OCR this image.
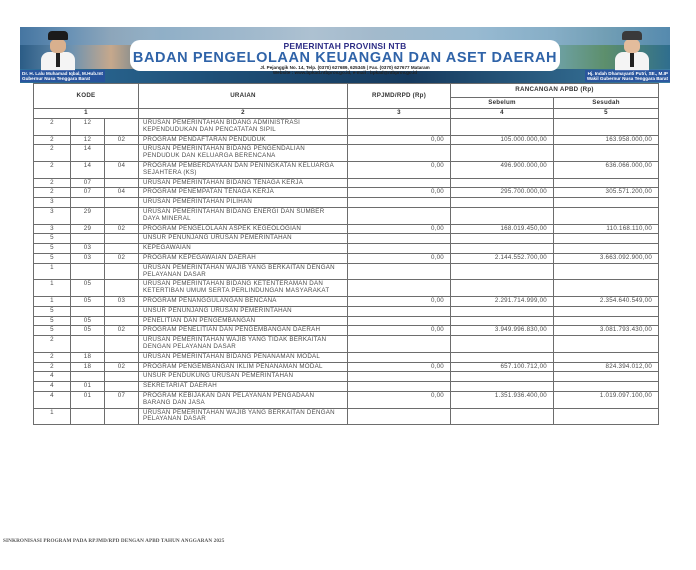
Dr. H. Lalu Muhamad Iqbal, M.Hub.Int
Gubernur Nusa Tenggara Barat
PEMERINTAH PROVINSI NTB
BADAN PENGELOLAAN KEUANGAN DAN ASET DAERAH
Jl. Pejanggik No. 14, Telp. (0370) 627689, 625345 | Fax. (0370) 627677 Mataram
Website : www.bpkad.ntbprov.go.id, e-mail : bpkad@ntbprov.go.id	Hj. Indah Dhamayanti Putri, SE., M.IP
Wakil Gubernur Nusa Tenggara Barat
KODE			URAIAN	RPJMD/RPD (Rp)	RANCANGAN APBD (Rp)	
					Sebelum	Sesudah
1			2	3	4	5
2	12		URUSAN PEMERINTAHAN BIDANG ADMINISTRASI KEPENDUDUKAN DAN PENCATATAN SIPIL			
2	12	02	PROGRAM PENDAFTARAN PENDUDUK	0,00	105.000.000,00	163.958.000,00
2	14		URUSAN PEMERINTAHAN BIDANG PENGENDALIAN PENDUDUK DAN KELUARGA BERENCANA			
2	14	04	PROGRAM PEMBERDAYAAN DAN PENINGKATAN KELUARGA SEJAHTERA (KS)	0,00	496.900.000,00	636.066.000,00
2	07		URUSAN PEMERINTAHAN BIDANG TENAGA KERJA			
2	07	04	PROGRAM PENEMPATAN TENAGA KERJA	0,00	295.700.000,00	305.571.200,00
3			URUSAN PEMERINTAHAN PILIHAN			
3	29		URUSAN PEMERINTAHAN BIDANG ENERGI DAN SUMBER DAYA MINERAL			
3	29	02	PROGRAM PENGELOLAAN ASPEK KEGEOLOGIAN	0,00	168.019.450,00	110.168.110,00
5			UNSUR PENUNJANG URUSAN PEMERINTAHAN			
5	03		KEPEGAWAIAN			
5	03	02	PROGRAM KEPEGAWAIAN DAERAH	0,00	2.144.552.700,00	3.663.092.900,00
1			URUSAN PEMERINTAHAN WAJIB YANG BERKAITAN DENGAN PELAYANAN DASAR			
1	05		URUSAN PEMERINTAHAN BIDANG KETENTERAMAN DAN KETERTIBAN UMUM SERTA PERLINDUNGAN MASYARAKAT			
1	05	03	PROGRAM PENANGGULANGAN BENCANA	0,00	2.291.714.999,00	2.354.640.549,00
5			UNSUR PENUNJANG URUSAN PEMERINTAHAN			
5	05		PENELITIAN DAN PENGEMBANGAN			
5	05	02	PROGRAM PENELITIAN DAN PENGEMBANGAN DAERAH	0,00	3.949.996.830,00	3.081.793.430,00
2			URUSAN PEMERINTAHAN WAJIB YANG TIDAK BERKAITAN DENGAN PELAYANAN DASAR			
2	18		URUSAN PEMERINTAHAN BIDANG PENANAMAN MODAL			
2	18	02	PROGRAM PENGEMBANGAN IKLIM PENANAMAN MODAL	0,00	657.100.712,00	824.394.012,00
4			UNSUR PENDUKUNG URUSAN PEMERINTAHAN			
4	01		SEKRETARIAT DAERAH			
4	01	07	PROGRAM KEBIJAKAN DAN PELAYANAN PENGADAAN BARANG DAN JASA	0,00	1.351.936.400,00	1.019.097.100,00
1			URUSAN PEMERINTAHAN WAJIB YANG BERKAITAN DENGAN PELAYANAN DASAR			
SINKRONISASI PROGRAM PADA RPJMD/RPD DENGAN APBD TAHUN ANGGARAN 2025
